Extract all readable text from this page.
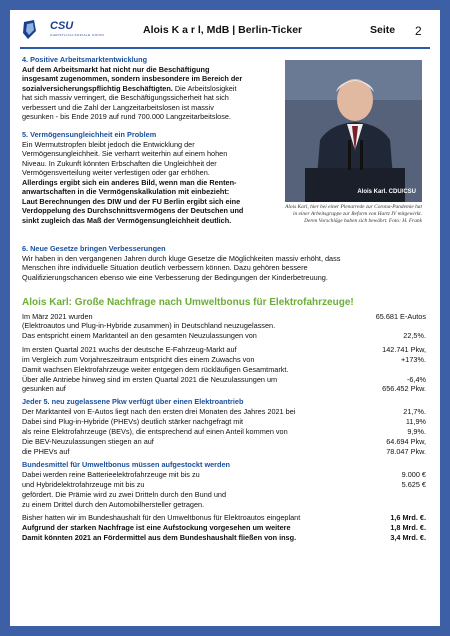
CSU
CHRISTLICH-SOZIALE UNION	Alois K a r l, MdB | Berlin-Ticker	Seite 2
4. Positive Arbeitsmarktentwicklung
Auf dem Arbeitsmarkt hat nicht nur die Beschäftigung
insgesamt zugenommen, sondern insbesondere im Bereich der
sozialversicherungspflichtig Beschäftigten. Die Arbeitslosigkeit
hat sich massiv verringert, die Beschäftigungssicherheit hat sich
verbessert und die Zahl der Langzeitarbeitslosen ist massiv
gesunken - bis Ende 2019 auf rund 700.000 Langzeitarbeitslose.
5. Vermögensungleichheit ein Problem
Ein Wermutstropfen bleibt jedoch die Entwicklung der
Vermögensungleichheit. Sie verharrt weiterhin auf einem hohen
Niveau. In Zukunft könnten Erbschaften die Ungleichheit der
Vermögensverteilung weiter verfestigen oder gar erhöhen.
Allerdings ergibt sich ein anderes Bild, wenn man die Renten-
anwartschaften in die Vermögenskalkulation mit einbezieht:
Laut Berechnungen des DIW und der FU Berlin ergibt sich eine
Verdoppelung des Durchschnittsvermögens der Deutschen und
sinkt zugleich das Maß der Vermögensungleichheit deutlich.
Alois Karl. CDU/CSU
Alois Karl, hier bei einer Plenarrede zur Corona-Pandemie hat in einer Arbeitsgruppe zur Reform von Hartz IV mitgewirkt. Deren Vorschläge haben sich bewährt. Foto: H. Frank
6. Neue Gesetze bringen Verbesserungen
Wir haben in den vergangenen Jahren durch kluge Gesetze die Möglichkeiten massiv erhöht, dass
Menschen ihre individuelle Situation deutlich verbessern können. Dazu gehören bessere
Qualifizierungschancen ebenso wie eine Verbesserung der Bedingungen der Kinderbetreuung.
Alois Karl: Große Nachfrage nach Umweltbonus für Elektrofahrzeuge!
Im März 2021 wurden	65.681 E-Autos
(Elektroautos und Plug-in-Hybride zusammen) in Deutschland neuzugelassen.
Das entspricht einem Marktanteil an den gesamten Neuzulassungen von	22,5%.
Im ersten Quartal 2021 wuchs der deutsche E-Fahrzeug-Markt auf	142.741 Pkw,
im Vergleich zum Vorjahreszeitraum entspricht dies einem Zuwachs von	+173%.
Damit wachsen Elektrofahrzeuge weiter entgegen dem rückläufigen Gesamtmarkt.
Über alle Antriebe hinweg sind im ersten Quartal 2021 die Neuzulassungen um	-6,4%
gesunken auf	656.452 Pkw.
Jeder 5. neu zugelassene Pkw verfügt über einen Elektroantrieb
Der Marktanteil von E-Autos liegt nach den ersten drei Monaten des Jahres 2021 bei	21,7%.
Dabei sind Plug-in-Hybride (PHEVs) deutlich stärker nachgefragt mit	11,9%
als reine Elektrofahrzeuge (BEVs), die entsprechend auf einen Anteil kommen von	9,9%.
Die BEV-Neuzulassungen stiegen an auf	64.694 Pkw,
die PHEVs auf	78.047 Pkw.
Bundesmittel für Umweltbonus müssen aufgestockt werden
Dabei werden reine Batterieelektrofahrzeuge mit bis zu	9.000 €
und Hybridelektrofahrzeuge mit bis zu	5.625 €
gefördert. Die Prämie wird zu zwei Dritteln durch den Bund und
zu einem Drittel durch den Automobilhersteller getragen.
Bisher hatten wir im Bundeshaushalt für den Umweltbonus für Elektroautos eingeplant	1,6 Mrd. €.
Aufgrund der starken Nachfrage ist eine Aufstockung vorgesehen um weitere	1,8 Mrd. €.
Damit könnten 2021 an Fördermittel aus dem Bundeshaushalt fließen von insg.	3,4 Mrd. €.
